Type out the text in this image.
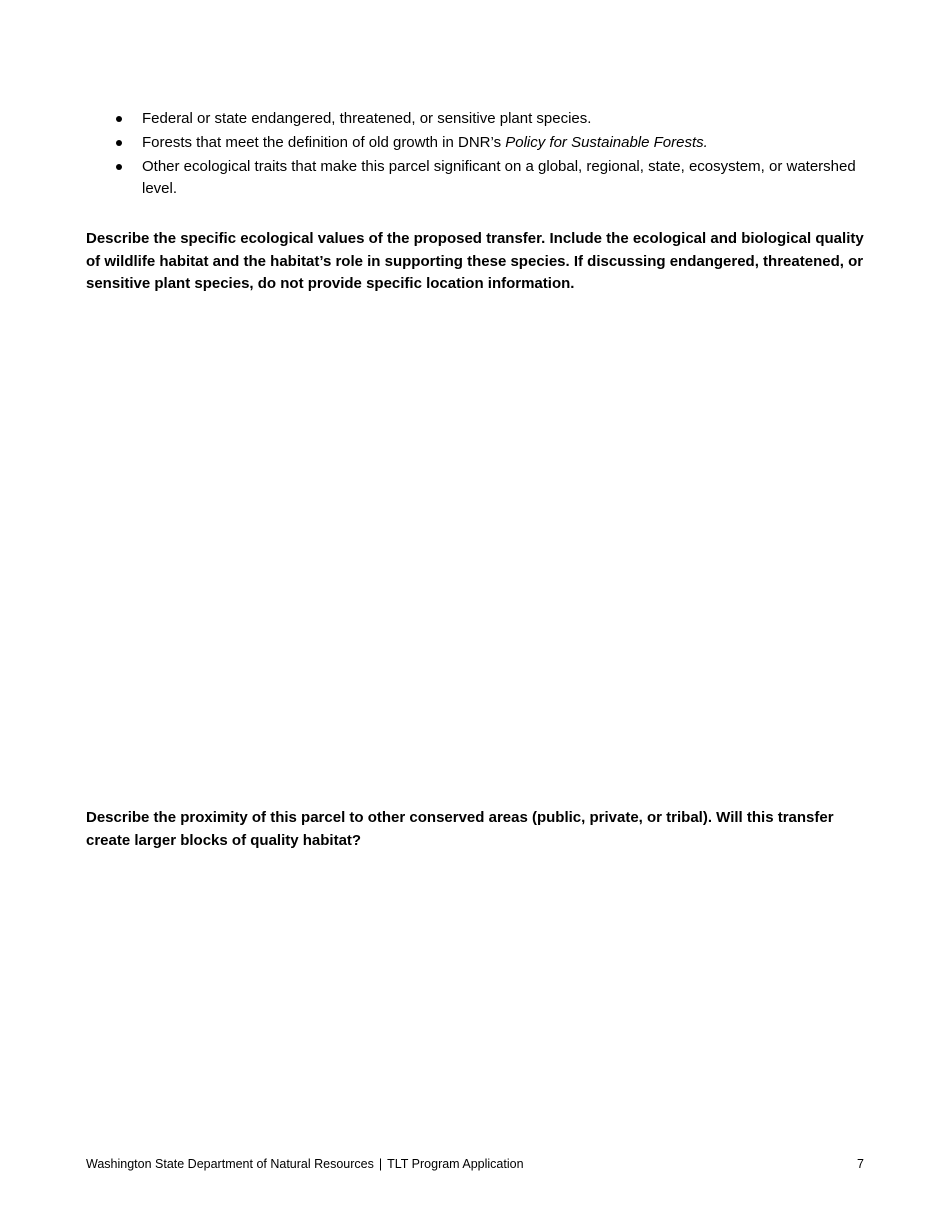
Federal or state endangered, threatened, or sensitive plant species.
Forests that meet the definition of old growth in DNR’s Policy for Sustainable Forests.
Other ecological traits that make this parcel significant on a global, regional, state, ecosystem, or watershed level.

Describe the specific ecological values of the proposed transfer. Include the ecological and biological quality of wildlife habitat and the habitat’s role in supporting these species. If discussing endangered, threatened, or sensitive plant species, do not provide specific location information.

Describe the proximity of this parcel to other conserved areas (public, private, or tribal). Will this transfer create larger blocks of quality habitat?

Washington State Department of Natural Resources | TLT Program Application	7
